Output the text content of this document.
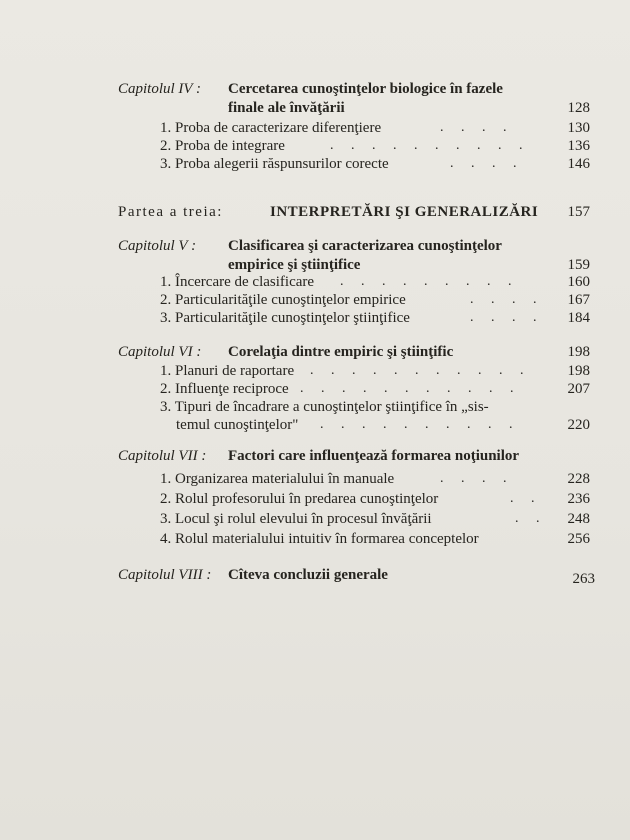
Capitolul IV : Cercetarea cunoştinţelor biologice în fazele
finale ale învăţării	128
1. Proba de caracterizare diferenţiere	. . . .	130
2. Proba de integrare	. . . . . . . . . .	136
3. Proba alegerii răspunsurilor corecte	. . . .	146
Partea a treia:	INTERPRETĂRI ŞI GENERALIZĂRI	157
Capitolul V : Clasificarea şi caracterizarea cunoştinţelor
empirice şi ştiinţifice	159
1. Încercare de clasificare . . . . . . . . .	160
2. Particularităţile cunoştinţelor empirice	. . . .	167
3. Particularităţile cunoştinţelor ştiinţifice	. . . .	184
Capitolul VI : Corelaţia dintre empiric şi ştiinţific	198
1. Planuri de raportare . . . . . . . . . . .	198
2. Influenţe reciproce . . . . . . . . . . .	207
3. Tipuri de încadrare a cunoştinţelor ştiinţifice în „sis-
temul cunoştinţelor" . . . . . . . . . .	220
Capitolul VII : Factori care influenţează formarea noţiunilor
1. Organizarea materialului în manuale	. . . .	228
2. Rolul profesorului în predarea cunoştinţelor	. .	236
3. Locul şi rolul elevului în procesul învăţării	. .	248
4. Rolul materialului intuitiv în formarea conceptelor	256
Capitolul VIII : Cîteva concluzii generale	263
